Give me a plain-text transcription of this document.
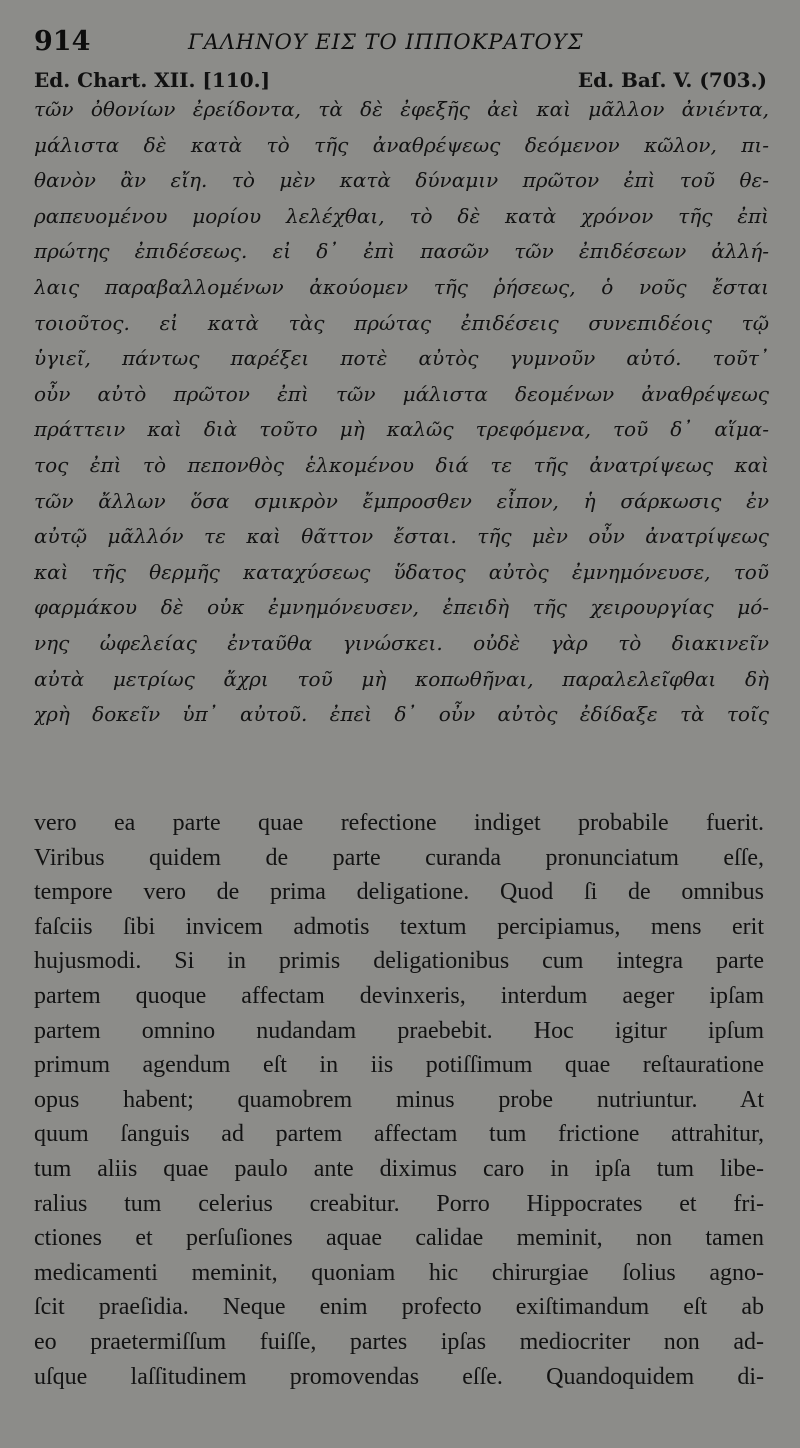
914	ΓΑΛΗΝΟΥ ΕΙΣ ΤΟ ΙΠΠΟΚΡΑΤΟΥΣ
Ed. Chart. XII. [110.]	Ed. Baſ. V. (703.)
τῶν ὀθονίων ἐρείδοντα, τὰ δὲ ἐφεξῆς ἀεὶ καὶ μᾶλλον ἀνιέντα,
μάλιστα δὲ κατὰ τὸ τῆς ἀναθρέψεως δεόμενον κῶλον, πι-
θανὸν ἂν εἴη. τὸ μὲν κατὰ δύναμιν πρῶτον ἐπὶ τοῦ θε-
ραπευομένου μορίου λελέχθαι, τὸ δὲ κατὰ χρόνον τῆς ἐπὶ
πρώτης ἐπιδέσεως. εἰ δ᾽ ἐπὶ πασῶν τῶν ἐπιδέσεων ἀλλή-
λαις παραβαλλομένων ἀκούομεν τῆς ῥήσεως, ὁ νοῦς ἔσται
τοιοῦτος. εἰ κατὰ τὰς πρώτας ἐπιδέσεις συνεπιδέοις τῷ
ὑγιεῖ, πάντως παρέξει ποτὲ αὐτὸς γυμνοῦν αὐτό. τοῦτ᾽
οὖν αὐτὸ πρῶτον ἐπὶ τῶν μάλιστα δεομένων ἀναθρέψεως
πράττειν καὶ διὰ τοῦτο μὴ καλῶς τρεφόμενα, τοῦ δ᾽ αἵμα-
τος ἐπὶ τὸ πεπονθὸς ἑλκομένου διά τε τῆς ἀνατρίψεως καὶ
τῶν ἄλλων ὅσα σμικρὸν ἔμπροσθεν εἶπον, ἡ σάρκωσις ἐν
αὐτῷ μᾶλλόν τε καὶ θᾶττον ἔσται. τῆς μὲν οὖν ἀνατρίψεως
καὶ τῆς θερμῆς καταχύσεως ὕδατος αὐτὸς ἐμνημόνευσε, τοῦ
φαρμάκου δὲ οὐκ ἐμνημόνευσεν, ἐπειδὴ τῆς χειρουργίας μό-
νης ὠφελείας ἐνταῦθα γινώσκει. οὐδὲ γὰρ τὸ διακινεῖν
αὐτὰ μετρίως ἄχρι τοῦ μὴ κοπωθῆναι, παραλελεῖφθαι δὴ
χρὴ δοκεῖν ὑπ᾽ αὐτοῦ. ἐπεὶ δ᾽ οὖν αὐτὸς ἐδίδαξε τὰ τοῖς
vero ea parte quae refectione indiget probabile fuerit.
Viribus quidem de parte curanda pronunciatum eſſe,
tempore vero de prima deligatione. Quod ſi de omnibus
faſciis ſibi invicem admotis textum percipiamus, mens erit
hujusmodi. Si in primis deligationibus cum integra parte
partem quoque affectam devinxeris, interdum aeger ipſam
partem omnino nudandam praebebit. Hoc igitur ipſum
primum agendum eſt in iis potiſſimum quae reſtauratione
opus habent; quamobrem minus probe nutriuntur. At
quum ſanguis ad partem affectam tum frictione attrahitur,
tum aliis quae paulo ante diximus caro in ipſa tum libe-
ralius tum celerius creabitur. Porro Hippocrates et fri-
ctiones et perſuſiones aquae calidae meminit, non tamen
medicamenti meminit, quoniam hic chirurgiae ſolius agno-
ſcit praeſidia. Neque enim profecto exiſtimandum eſt ab
eo praetermiſſum fuiſſe, partes ipſas mediocriter non ad-
uſque laſſitudinem promovendas eſſe. Quandoquidem di-
